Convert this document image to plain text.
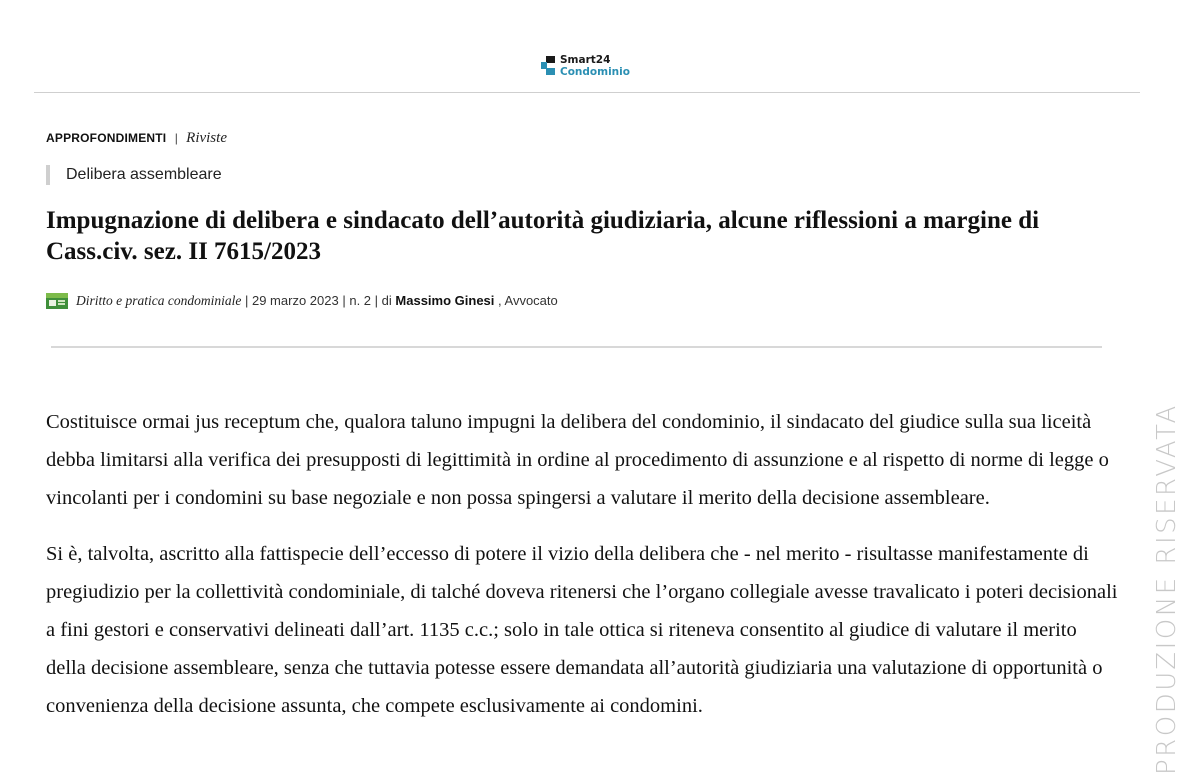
Smart24
Condominio
APPROFONDIMENTI | Riviste
Delibera assembleare
Impugnazione di delibera e sindacato dell’autorità giudiziaria, alcune riflessioni a margine di Cass.civ. sez. II 7615/2023
Diritto e pratica condominiale | 29 marzo 2023 | n. 2 | di Massimo Ginesi , Avvocato

Costituisce ormai jus receptum che, qualora taluno impugni la delibera del condominio, il sindacato del giudice sulla sua liceità debba limitarsi alla verifica dei presupposti di legittimità in ordine al procedimento di assunzione e al rispetto di norme di legge o vincolanti per i condomini su base negoziale e non possa spingersi a valutare il merito della decisione assembleare.

Si è, talvolta, ascritto alla fattispecie dell’eccesso di potere il vizio della delibera che - nel merito - risultasse manifestamente di pregiudizio per la collettività condominiale, di talché doveva ritenersi che l’organo collegiale avesse travalicato i poteri decisionali a fini gestori e conservativi delineati dall’art. 1135 c.c.; solo in tale ottica si riteneva consentito al giudice di valutare il merito della decisione assembleare, senza che tuttavia potesse essere demandata all’autorità giudiziaria una valutazione di opportunità o convenienza della decisione assunta, che compete esclusivamente ai condomini.	PRODUZIONE RISERVATA
